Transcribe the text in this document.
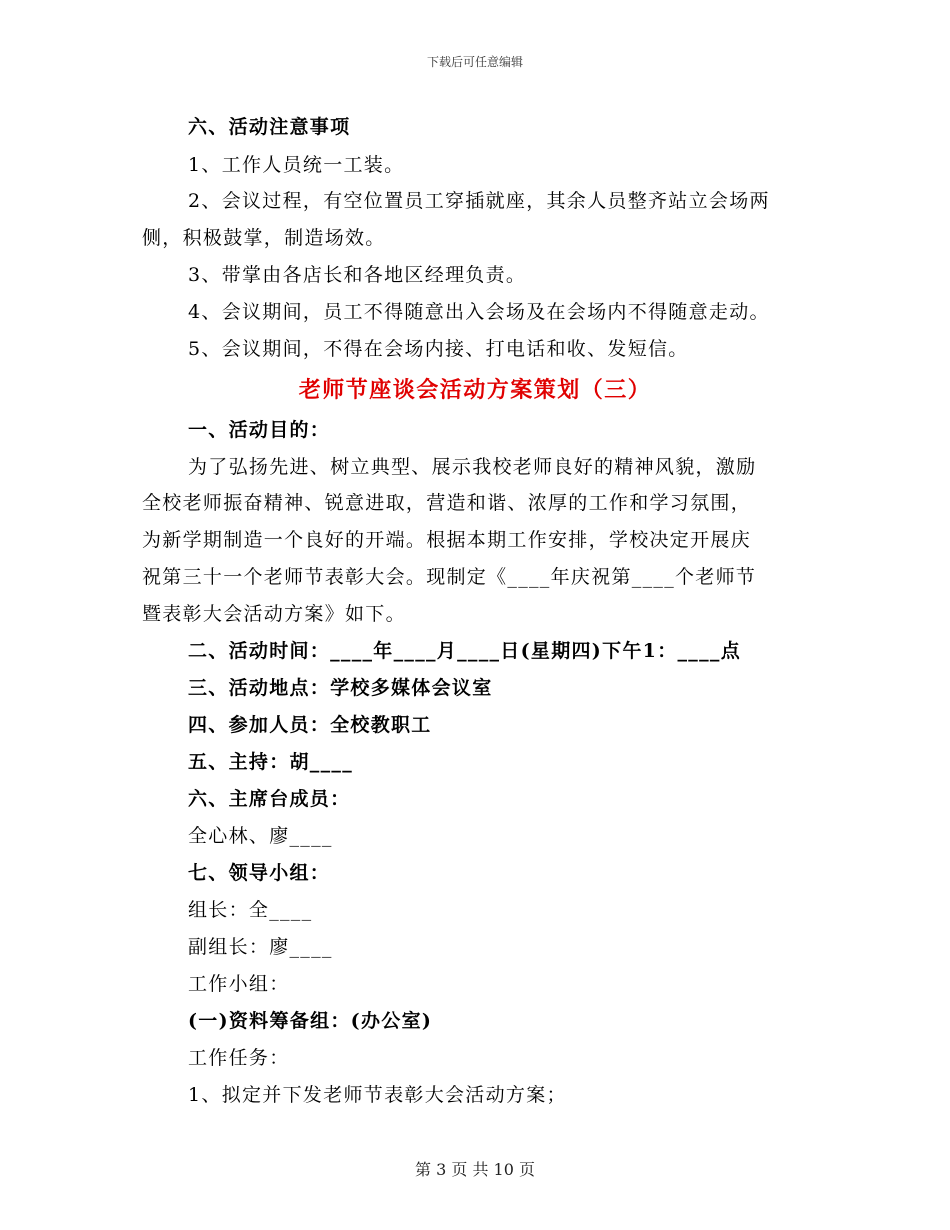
下载后可任意编辑
六、活动注意事项
1、工作人员统一工装。
2、会议过程，有空位置员工穿插就座，其余人员整齐站立会场两
侧，积极鼓掌，制造场效。
3、带掌由各店长和各地区经理负责。
4、会议期间，员工不得随意出入会场及在会场内不得随意走动。
5、会议期间，不得在会场内接、打电话和收、发短信。
老师节座谈会活动方案策划（三）
一、活动目的：
为了弘扬先进、树立典型、展示我校老师良好的精神风貌，激励
全校老师振奋精神、锐意进取，营造和谐、浓厚的工作和学习氛围，
为新学期制造一个良好的开端。根据本期工作安排，学校决定开展庆
祝第三十一个老师节表彰大会。现制定《____年庆祝第____个老师节
暨表彰大会活动方案》如下。
二、活动时间：____年____月____日(星期四)下午1：____点
三、活动地点：学校多媒体会议室
四、参加人员：全校教职工
五、主持：胡____
六、主席台成员：
全心林、廖____
七、领导小组：
组长：全____
副组长：廖____
工作小组：
(一)资料筹备组：(办公室)
工作任务：
1、拟定并下发老师节表彰大会活动方案；
第 3 页 共 10 页
